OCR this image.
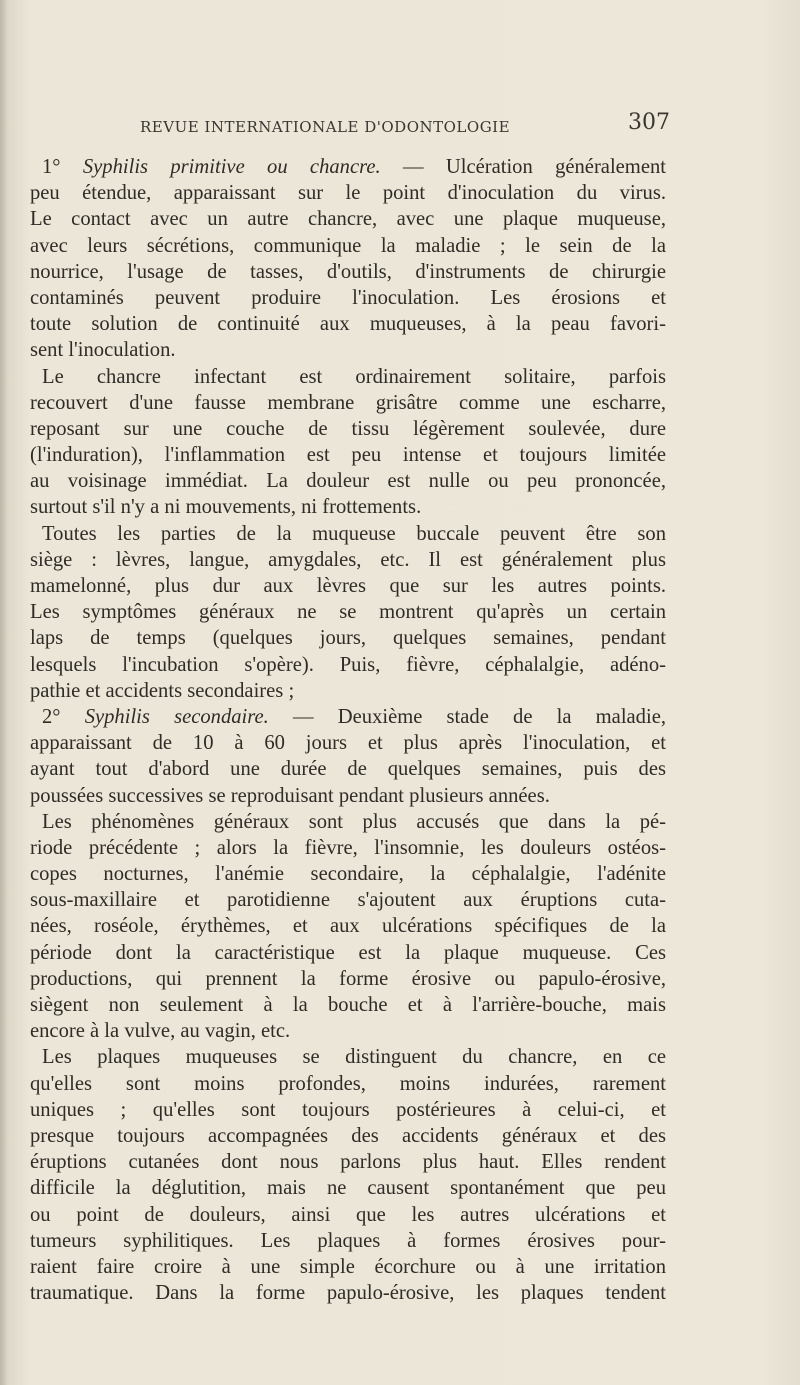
REVUE INTERNATIONALE D'ODONTOLOGIE	307
1° Syphilis primitive ou chancre. — Ulcération généralement
peu étendue, apparaissant sur le point d'inoculation du virus.
Le contact avec un autre chancre, avec une plaque muqueuse,
avec leurs sécrétions, communique la maladie ; le sein de la
nourrice, l'usage de tasses, d'outils, d'instruments de chirurgie
contaminés peuvent produire l'inoculation. Les érosions et
toute solution de continuité aux muqueuses, à la peau favori-
sent l'inoculation.
Le chancre infectant est ordinairement solitaire, parfois
recouvert d'une fausse membrane grisâtre comme une escharre,
reposant sur une couche de tissu légèrement soulevée, dure
(l'induration), l'inflammation est peu intense et toujours limitée
au voisinage immédiat. La douleur est nulle ou peu prononcée,
surtout s'il n'y a ni mouvements, ni frottements.
Toutes les parties de la muqueuse buccale peuvent être son
siège : lèvres, langue, amygdales, etc. Il est généralement plus
mamelonné, plus dur aux lèvres que sur les autres points.
Les symptômes généraux ne se montrent qu'après un certain
laps de temps (quelques jours, quelques semaines, pendant
lesquels l'incubation s'opère). Puis, fièvre, céphalalgie, adéno-
pathie et accidents secondaires ;
2° Syphilis secondaire. — Deuxième stade de la maladie,
apparaissant de 10 à 60 jours et plus après l'inoculation, et
ayant tout d'abord une durée de quelques semaines, puis des
poussées successives se reproduisant pendant plusieurs années.
Les phénomènes généraux sont plus accusés que dans la pé-
riode précédente ; alors la fièvre, l'insomnie, les douleurs ostéos-
copes nocturnes, l'anémie secondaire, la céphalalgie, l'adénite
sous-maxillaire et parotidienne s'ajoutent aux éruptions cuta-
nées, roséole, érythèmes, et aux ulcérations spécifiques de la
période dont la caractéristique est la plaque muqueuse. Ces
productions, qui prennent la forme érosive ou papulo-érosive,
siègent non seulement à la bouche et à l'arrière-bouche, mais
encore à la vulve, au vagin, etc.
Les plaques muqueuses se distinguent du chancre, en ce
qu'elles sont moins profondes, moins indurées, rarement
uniques ; qu'elles sont toujours postérieures à celui-ci, et
presque toujours accompagnées des accidents généraux et des
éruptions cutanées dont nous parlons plus haut. Elles rendent
difficile la déglutition, mais ne causent spontanément que peu
ou point de douleurs, ainsi que les autres ulcérations et
tumeurs syphilitiques. Les plaques à formes érosives pour-
raient faire croire à une simple écorchure ou à une irritation
traumatique. Dans la forme papulo-érosive, les plaques tendent
